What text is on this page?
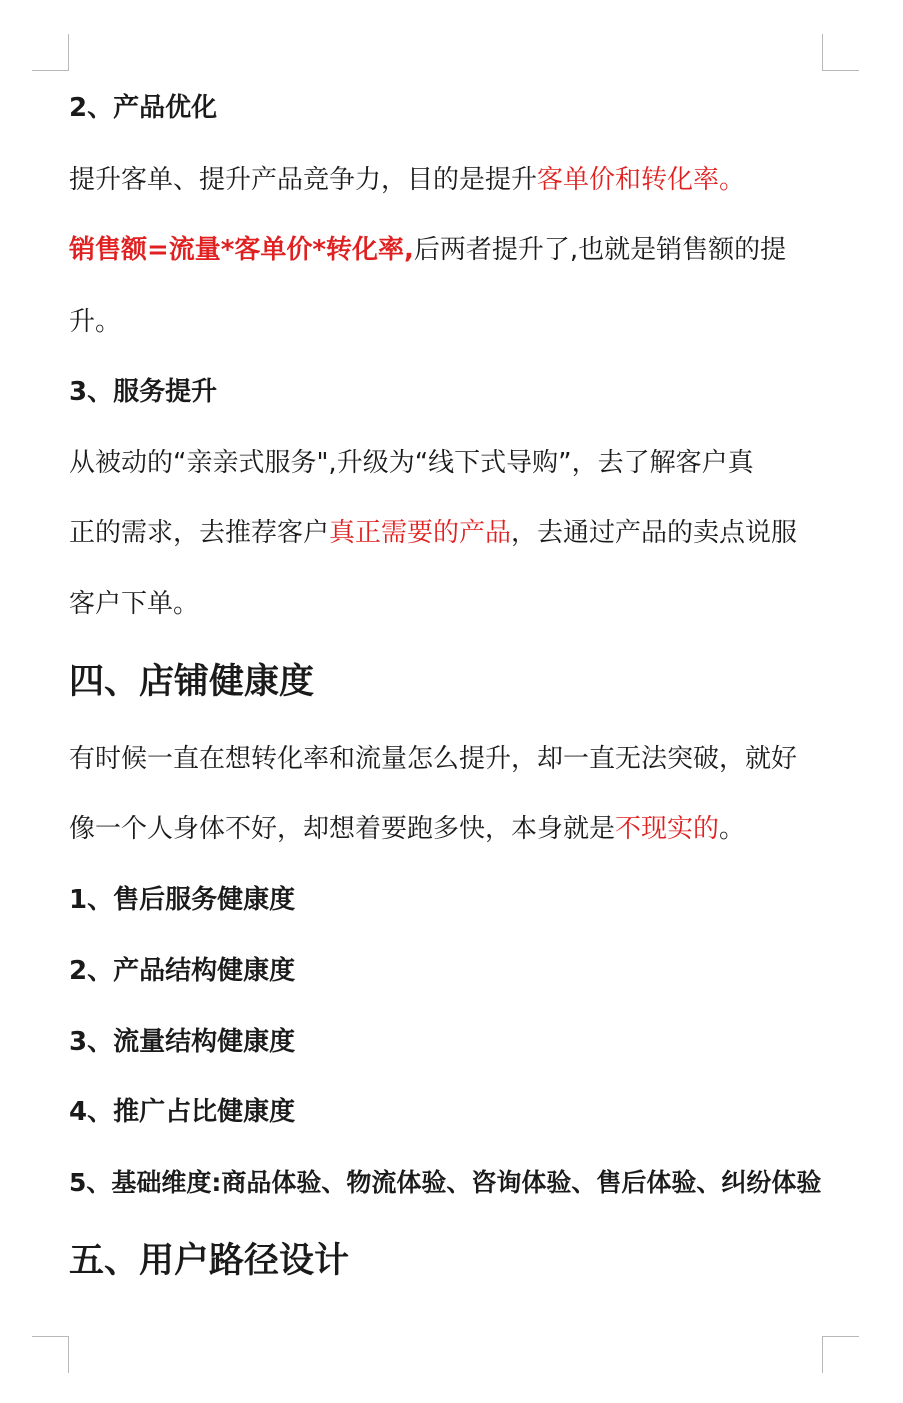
2、产品优化
提升客单、提升产品竞争力，目的是提升客单价和转化率。
销售额=流量*客单价*转化率,后两者提升了,也就是销售额的提
升。
3、服务提升
从被动的“亲亲式服务",升级为“线下式导购”，去了解客户真
正的需求，去推荐客户真正需要的产品，去通过产品的卖点说服
客户下单。
四、店铺健康度
有时候一直在想转化率和流量怎么提升，却一直无法突破，就好
像一个人身体不好，却想着要跑多快，本身就是不现实的。
1、售后服务健康度
2、产品结构健康度
3、流量结构健康度
4、推广占比健康度
5、基础维度:商品体验、物流体验、咨询体验、售后体验、纠纷体验
五、用户路径设计
